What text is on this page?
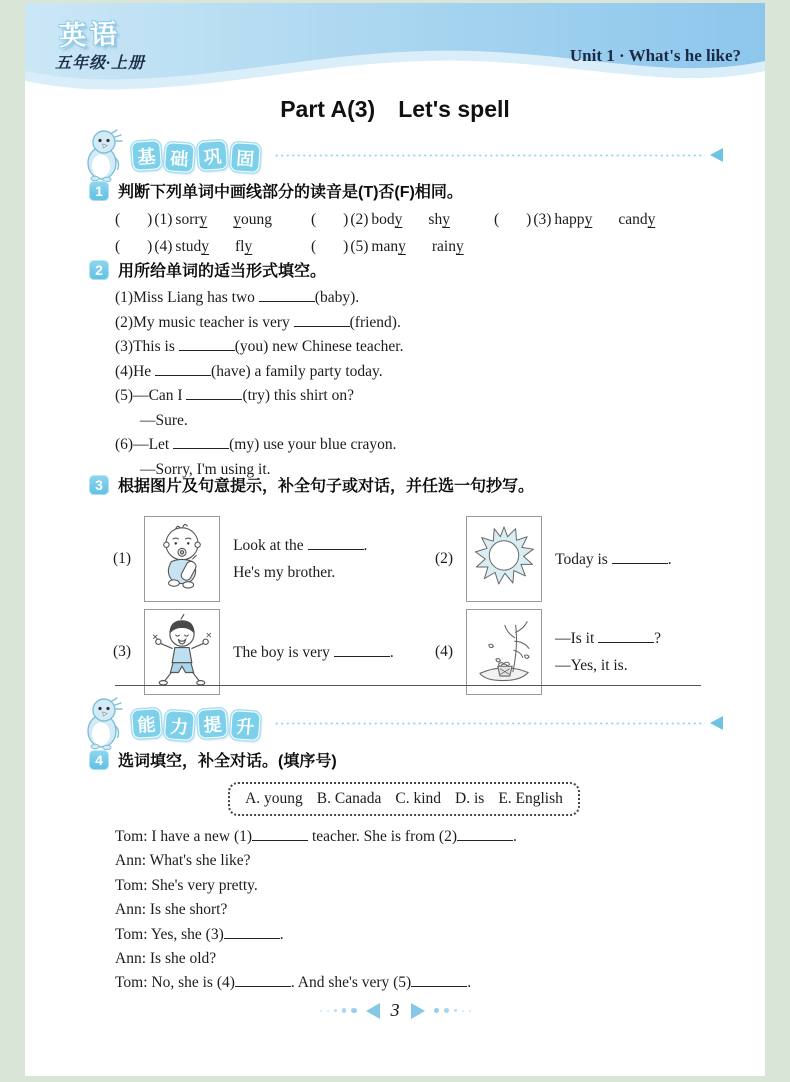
英语
五年级·上册	Unit 1 · What's he like?
Part A(3)　Let's spell
基 础 巩 固
1 判断下列单词中画线部分的读音是(T)否(F)相同。
( ) (1) sorry young	( ) (2) body shy	( ) (3) happy candy
( ) (4) study fly	( ) (5) many rainy
2 用所给单词的适当形式填空。
(1)Miss Liang has two	(baby).
(2)My music teacher is very	(friend).
(3)This is	(you) new Chinese teacher.
(4)He	(have) a family party today.
(5)—Can I	(try) this shirt on?
—Sure.
(6)—Let	(my) use your blue crayon.
—Sorry, I'm using it.
3 根据图片及句意提示，补全句子或对话，并任选一句抄写。
(1)
Look at the	.
He's my brother.
(2)	Today is	.
(3)	The boy is very	.	(4)
—Is it	?
—Yes, it is.
能 力 提 升
4 选词填空，补全对话。(填序号)
A. young B. Canada C. kind D. is E. English
Tom: I have a new (1)	teacher. She is from (2)	.
Ann: What's she like?
Tom: She's very pretty.
Ann: Is she short?
Tom: Yes, she (3)	.
Ann: Is she old?
Tom: No, she is (4)	. And she's very (5)	.
3
